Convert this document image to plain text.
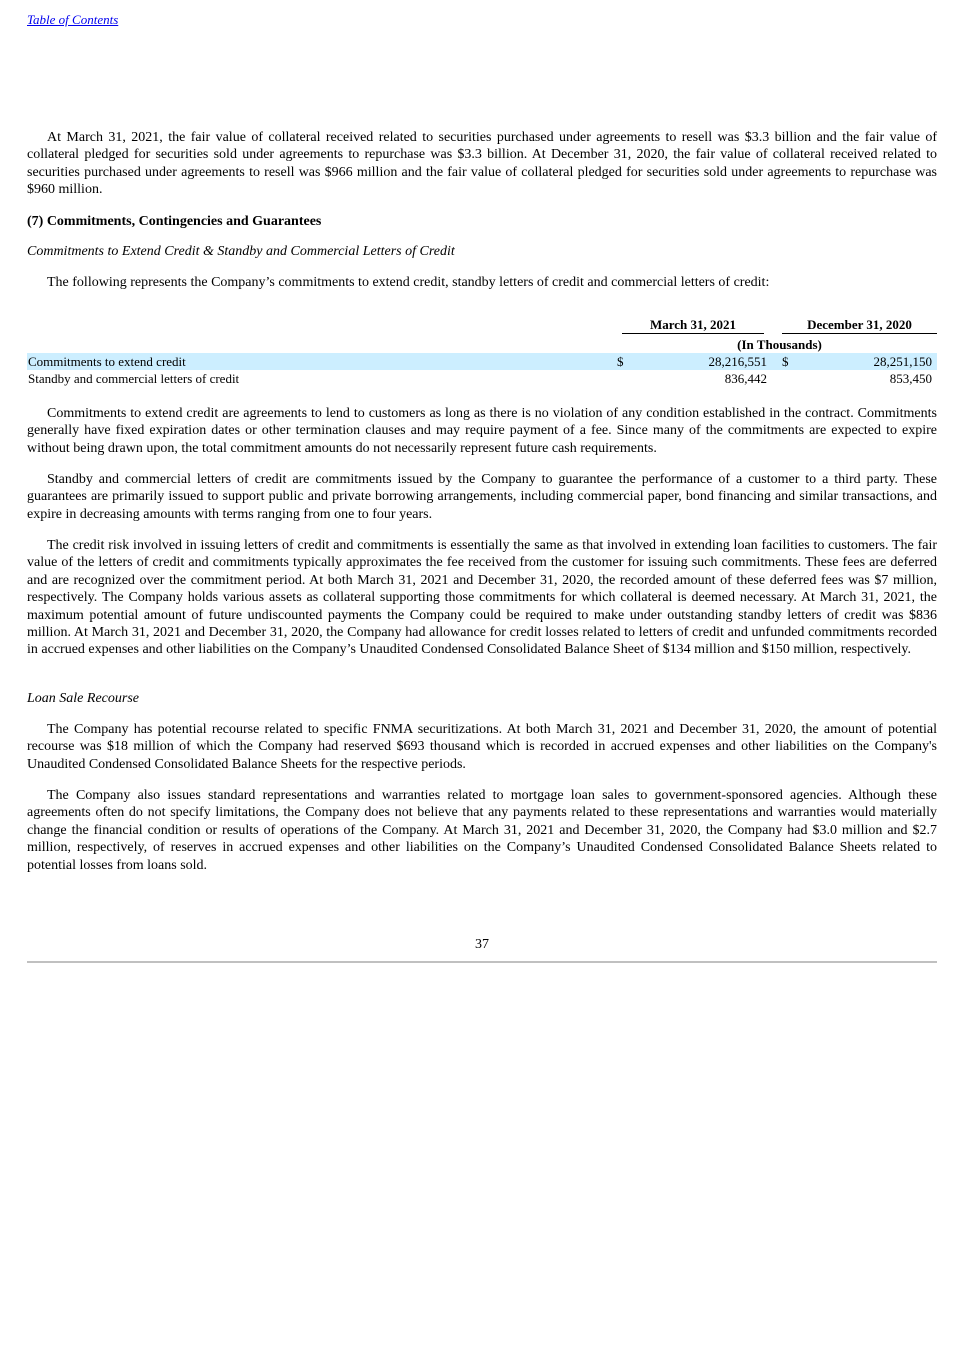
Table of Contents

At March 31, 2021, the fair value of collateral received related to securities purchased under agreements to resell was $3.3 billion and the fair value of collateral pledged for securities sold under agreements to repurchase was $3.3 billion. At December 31, 2020, the fair value of collateral received related to securities purchased under agreements to resell was $966 million and the fair value of collateral pledged for securities sold under agreements to repurchase was $960 million.

(7) Commitments, Contingencies and Guarantees
Commitments to Extend Credit & Standby and Commercial Letters of Credit
The following represents the Company’s commitments to extend credit, standby letters of credit and commercial letters of credit:
March 31, 2021	December 31, 2020
(In Thousands)
Commitments to extend credit	$	28,216,551 $	28,251,150
Standby and commercial letters of credit	836,442	853,450

Commitments to extend credit are agreements to lend to customers as long as there is no violation of any condition established in the contract. Commitments generally have fixed expiration dates or other termination clauses and may require payment of a fee. Since many of the commitments are expected to expire without being drawn upon, the total commitment amounts do not necessarily represent future cash requirements.

Standby and commercial letters of credit are commitments issued by the Company to guarantee the performance of a customer to a third party. These guarantees are primarily issued to support public and private borrowing arrangements, including commercial paper, bond financing and similar transactions, and expire in decreasing amounts with terms ranging from one to four years.

The credit risk involved in issuing letters of credit and commitments is essentially the same as that involved in extending loan facilities to customers. The fair value of the letters of credit and commitments typically approximates the fee received from the customer for issuing such commitments. These fees are deferred and are recognized over the commitment period. At both March 31, 2021 and December 31, 2020, the recorded amount of these deferred fees was $7 million, respectively. The Company holds various assets as collateral supporting those commitments for which collateral is deemed necessary. At March 31, 2021, the maximum potential amount of future undiscounted payments the Company could be required to make under outstanding standby letters of credit was $836 million. At March 31, 2021 and December 31, 2020, the Company had allowance for credit losses related to letters of credit and unfunded commitments recorded in accrued expenses and other liabilities on the Company’s Unaudited Condensed Consolidated Balance Sheet of $134 million and $150 million, respectively.

Loan Sale Recourse

The Company has potential recourse related to specific FNMA securitizations. At both March 31, 2021 and December 31, 2020, the amount of potential recourse was $18 million of which the Company had reserved $693 thousand which is recorded in accrued expenses and other liabilities on the Company's Unaudited Condensed Consolidated Balance Sheets for the respective periods.

The Company also issues standard representations and warranties related to mortgage loan sales to government-sponsored agencies. Although these agreements often do not specify limitations, the Company does not believe that any payments related to these representations and warranties would materially change the financial condition or results of operations of the Company. At March 31, 2021 and December 31, 2020, the Company had $3.0 million and $2.7 million, respectively, of reserves in accrued expenses and other liabilities on the Company’s Unaudited Condensed Consolidated Balance Sheets related to potential losses from loans sold.

37
